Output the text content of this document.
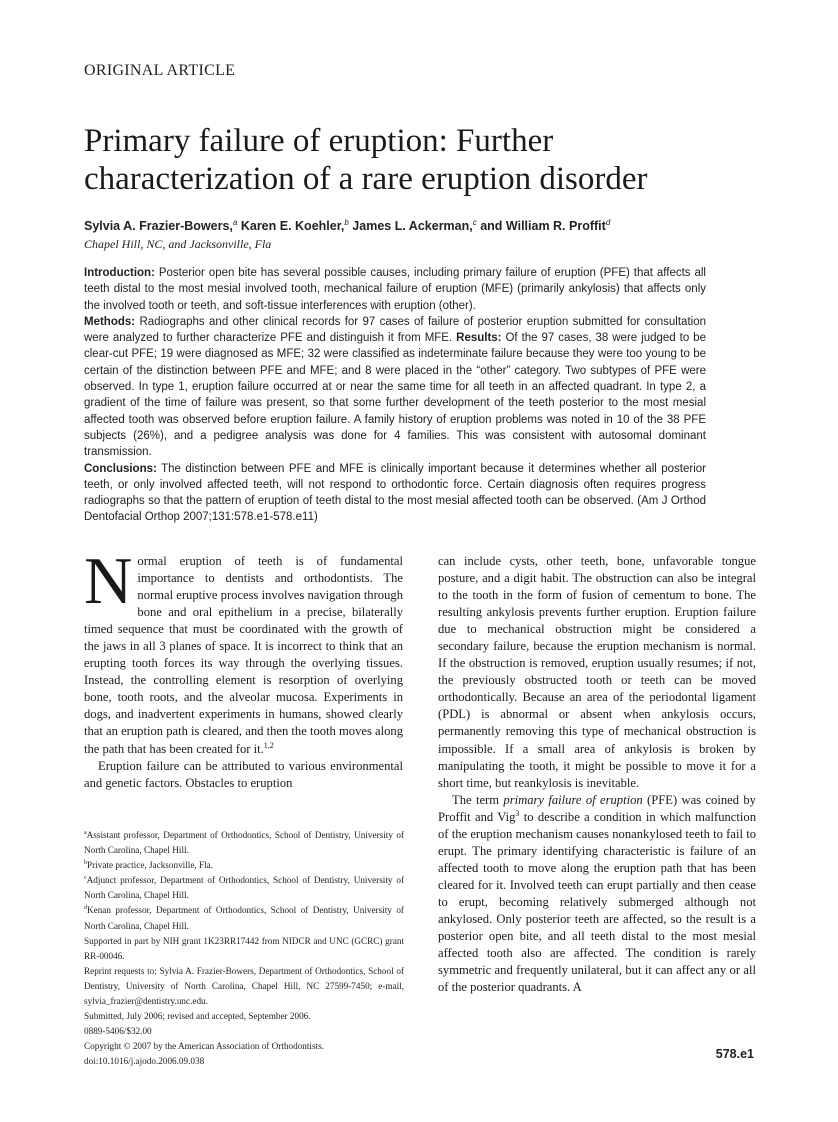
ORIGINAL ARTICLE
Primary failure of eruption: Further characterization of a rare eruption disorder
Sylvia A. Frazier-Bowers,$^a$ Karen E. Koehler,$^b$ James L. Ackerman,$^c$ and William R. Proffit$^d$
Chapel Hill, NC, and Jacksonville, Fla
Introduction: Posterior open bite has several possible causes, including primary failure of eruption (PFE) that affects all teeth distal to the most mesial involved tooth, mechanical failure of eruption (MFE) (primarily ankylosis) that affects only the involved tooth or teeth, and soft-tissue interferences with eruption (other).
Methods: Radiographs and other clinical records for 97 cases of failure of posterior eruption submitted for consultation were analyzed to further characterize PFE and distinguish it from MFE. Results: Of the 97 cases, 38 were judged to be clear-cut PFE; 19 were diagnosed as MFE; 32 were classified as indeterminate failure because they were too young to be certain of the distinction between PFE and MFE; and 8 were placed in the “other” category. Two subtypes of PFE were observed. In type 1, eruption failure occurred at or near the same time for all teeth in an affected quadrant. In type 2, a gradient of the time of failure was present, so that some further development of the teeth posterior to the most mesial affected tooth was observed before eruption failure. A family history of eruption problems was noted in 10 of the 38 PFE subjects (26%), and a pedigree analysis was done for 4 families. This was consistent with autosomal dominant transmission.
Conclusions: The distinction between PFE and MFE is clinically important because it determines whether all posterior teeth, or only involved affected teeth, will not respond to orthodontic force. Certain diagnosis often requires progress radiographs so that the pattern of eruption of teeth distal to the most mesial affected tooth can be observed. (Am J Orthod Dentofacial Orthop 2007;131:578.e1-578.e11)

Normal eruption of teeth is of fundamental importance to dentists and orthodontists. The normal eruptive process involves navigation through bone and oral epithelium in a precise, bilaterally timed sequence that must be coordinated with the growth of the jaws in all 3 planes of space. It is incorrect to think that an erupting tooth forces its way through the overlying tissues. Instead, the controlling element is resorption of overlying bone, tooth roots, and the alveolar mucosa. Experiments in dogs, and inadvertent experiments in humans, showed clearly that an eruption path is cleared, and then the tooth moves along the path that has been created for it.$^{1,2}$

Eruption failure can be attributed to various environmental and genetic factors. Obstacles to eruption

$^a$Assistant professor, Department of Orthodontics, School of Dentistry, University of North Carolina, Chapel Hill.
$^b$Private practice, Jacksonville, Fla.
$^c$Adjunct professor, Department of Orthodontics, School of Dentistry, University of North Carolina, Chapel Hill.
$^d$Kenan professor, Department of Orthodontics, School of Dentistry, University of North Carolina, Chapel Hill.
Supported in part by NIH grant 1K23RR17442 from NIDCR and UNC (GCRC) grant RR-00046.
Reprint requests to: Sylvia A. Frazier-Bowers, Department of Orthodontics, School of Dentistry, University of North Carolina, Chapel Hill, NC 27599-7450; e-mail, sylvia_frazier@dentistry.unc.edu.
Submitted, July 2006; revised and accepted, September 2006.
0889-5406/$32.00
Copyright © 2007 by the American Association of Orthodontists.
doi:10.1016/j.ajodo.2006.09.038

can include cysts, other teeth, bone, unfavorable tongue posture, and a digit habit. The obstruction can also be integral to the tooth in the form of fusion of cementum to bone. The resulting ankylosis prevents further eruption. Eruption failure due to mechanical obstruction might be considered a secondary failure, because the eruption mechanism is normal. If the obstruction is removed, eruption usually resumes; if not, the previously obstructed tooth or teeth can be moved orthodontically. Because an area of the periodontal ligament (PDL) is abnormal or absent when ankylosis occurs, permanently removing this type of mechanical obstruction is impossible. If a small area of ankylosis is broken by manipulating the tooth, it might be possible to move it for a short time, but reankylosis is inevitable.

The term primary failure of eruption (PFE) was coined by Proffit and Vig$^3$ to describe a condition in which malfunction of the eruption mechanism causes nonankylosed teeth to fail to erupt. The primary identifying characteristic is failure of an affected tooth to move along the eruption path that has been cleared for it. Involved teeth can erupt partially and then cease to erupt, becoming relatively submerged although not ankylosed. Only posterior teeth are affected, so the result is a posterior open bite, and all teeth distal to the most mesial affected tooth also are affected. The condition is rarely symmetric and frequently unilateral, but it can affect any or all of the posterior quadrants. A

578.e1
